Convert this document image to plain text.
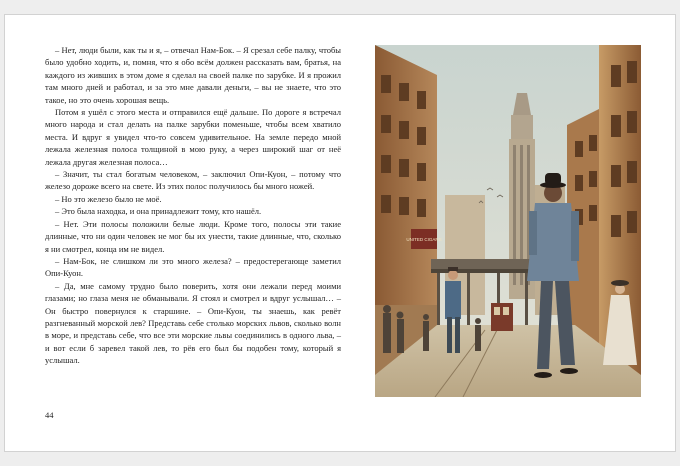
– Нет, люди были, как ты и я, – отвечал Нам-Бок. – Я срезал себе палку, чтобы было удобно ходить, и, помня, что я обо всём должен рассказать вам, братья, на каждого из живших в этом доме я сделал на своей палке по зарубке. И я прожил там много дней и работал, и за это мне давали деньги, – вы не знаете, что это такое, но это очень хорошая вещь.

Потом я ушёл с этого места и отправился ещё дальше. По дороге я встречал много народа и стал делать на палке зарубки поменьше, чтобы всем хватило места. И вдруг я увидел что-то совсем удивительное. На земле передо мной лежала железная полоса толщиной в мою руку, а через широкий шаг от неё лежала другая железная полоса…

– Значит, ты стал богатым человеком, – заключил Опи-Куон, – потому что железо дороже всего на свете. Из этих полос получилось бы много ножей.

– Но это железо было не моё.

– Это была находка, и она принадлежит тому, кто нашёл.

– Нет. Эти полосы положили белые люди. Кроме того, полосы эти такие длинные, что ни один человек не мог бы их унести, такие длинные, что, сколько я ни смотрел, конца им не видел.

– Нам-Бок, не слишком ли это много железа? – предостерегающе заметил Опи-Куон.

– Да, мне самому трудно было поверить, хотя они лежали перед моими глазами; но глаза меня не обманывали. Я стоял и смотрел и вдруг услышал… – Он быстро повернулся к старшине. – Опи-Куон, ты знаешь, как ревёт разгневанный морской лев? Представь себе столько морских львов, сколько волн в море, и представь себе, что все эти морские львы соединились в одного льва, – и вот если б заревел такой лев, то рёв его был бы подобен тому, который я услышал.

44
UNITED CIGARS
